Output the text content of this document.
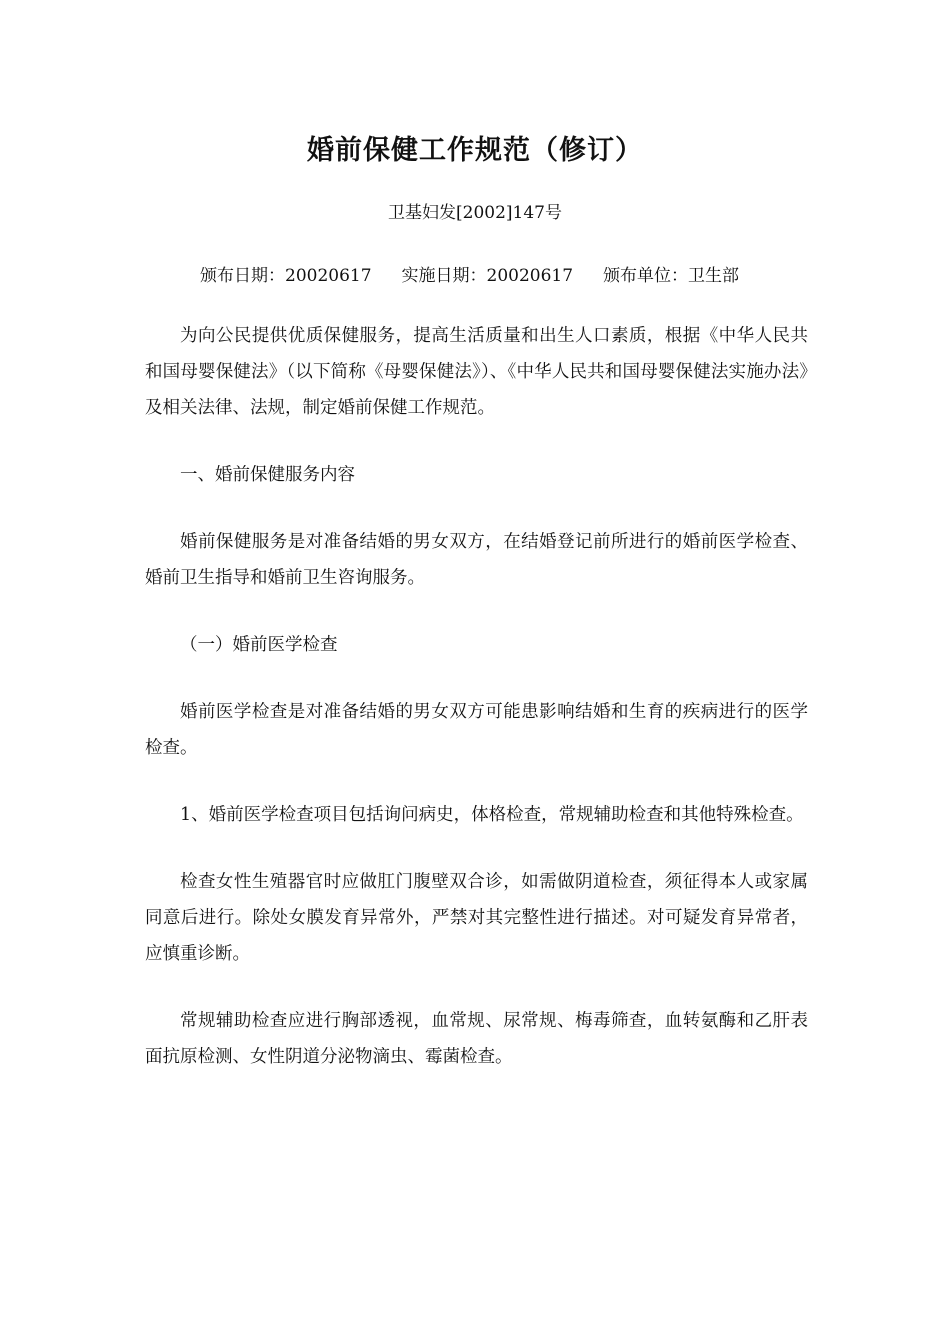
婚前保健工作规范（修订）
卫基妇发[2002]147号
颁布日期：20020617 实施日期：20020617 颁布单位：卫生部

为向公民提供优质保健服务，提高生活质量和出生人口素质，根据《中华人民共和国母婴保健法》（以下简称《母婴保健法》）、《中华人民共和国母婴保健法实施办法》及相关法律、法规，制定婚前保健工作规范。

一、婚前保健服务内容

婚前保健服务是对准备结婚的男女双方，在结婚登记前所进行的婚前医学检查、婚前卫生指导和婚前卫生咨询服务。

（一）婚前医学检查

婚前医学检查是对准备结婚的男女双方可能患影响结婚和生育的疾病进行的医学检查。

1、婚前医学检查项目包括询问病史，体格检查，常规辅助检查和其他特殊检查。

检查女性生殖器官时应做肛门腹壁双合诊，如需做阴道检查，须征得本人或家属同意后进行。除处女膜发育异常外，严禁对其完整性进行描述。对可疑发育异常者，应慎重诊断。

常规辅助检查应进行胸部透视，血常规、尿常规、梅毒筛查，血转氨酶和乙肝表面抗原检测、女性阴道分泌物滴虫、霉菌检查。
